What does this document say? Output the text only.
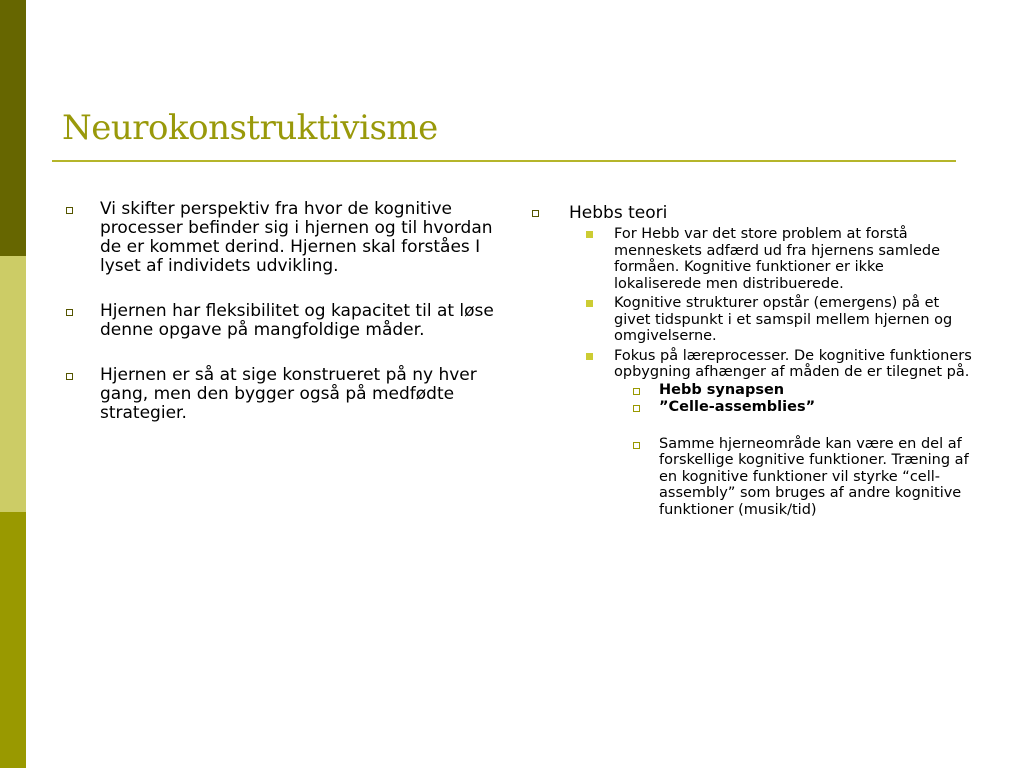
Neurokonstruktivisme
Vi skifter perspektiv fra hvor de kognitive processer befinder sig i hjernen og til hvordan de er kommet derind. Hjernen skal forståes I lyset af individets udvikling.
Hjernen har fleksibilitet og kapacitet til at løse denne opgave på mangfoldige måder.
Hjernen er så at sige konstrueret på ny hver gang, men den bygger også på medfødte strategier.
Hebbs teori
For Hebb var det store problem at forstå menneskets adfærd ud fra hjernens samlede formåen. Kognitive funktioner er ikke lokaliserede men distribuerede.
Kognitive strukturer opstår (emergens) på et givet tidspunkt i et samspil mellem hjernen og omgivelserne.
Fokus på læreprocesser. De kognitive funktioners opbygning afhænger af måden de er tilegnet på.
Hebb synapsen
”Celle-assemblies”
Samme hjerneområde kan være en del af forskellige kognitive funktioner. Træning af en kognitive funktioner vil styrke “cell-assembly” som bruges af andre kognitive funktioner (musik/tid)
